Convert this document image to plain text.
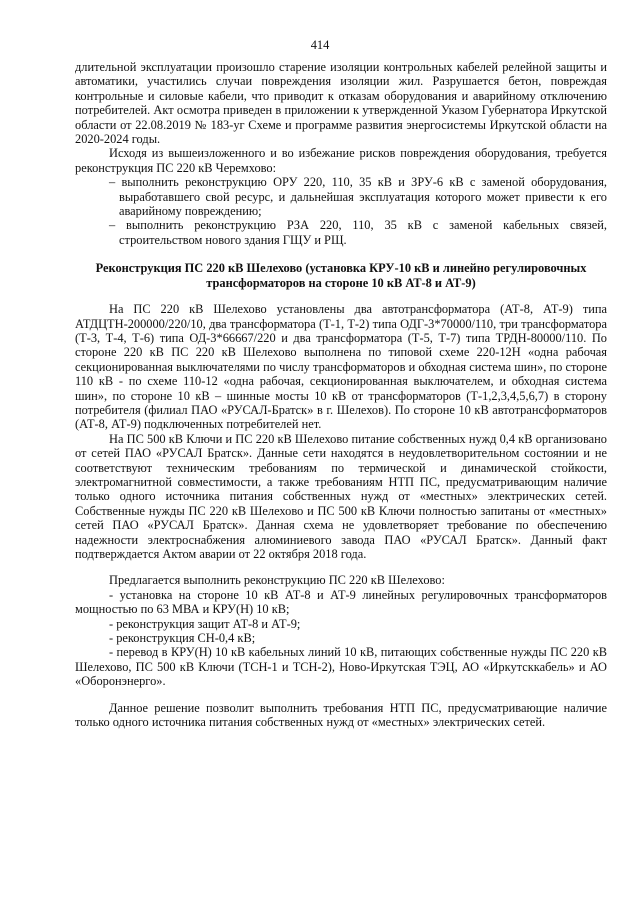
414

длительной эксплуатации произошло старение изоляции контрольных кабелей релейной защиты и автоматики, участились случаи повреждения изоляции жил. Разрушается бетон, повреждая контрольные и силовые кабели, что приводит к отказам оборудования и аварийному отключению потребителей. Акт осмотра приведен в приложении к утвержденной Указом Губернатора Иркутской области от 22.08.2019 № 183-уг Схеме и программе развития энергосистемы Иркутской области на 2020-2024 годы.

Исходя из вышеизложенного и во избежание рисков повреждения оборудования, требуется реконструкция ПС 220 кВ Черемхово:

– выполнить реконструкцию ОРУ 220, 110, 35 кВ и ЗРУ-6 кВ с заменой оборудования, выработавшего свой ресурс, и дальнейшая эксплуатация которого может привести к его аварийному повреждению;

– выполнить реконструкцию РЗА 220, 110, 35 кВ с заменой кабельных связей, строительством нового здания ГЩУ и РЩ.

Реконструкция ПС 220 кВ Шелехово (установка КРУ-10 кВ и линейно регулировочных трансформаторов на стороне 10 кВ АТ-8 и АТ-9)

На ПС 220 кВ Шелехово установлены два автотрансформатора (АТ-8, АТ-9) типа АТДЦТН-200000/220/10, два трансформатора (Т-1, Т-2) типа ОДГ-3*70000/110, три трансформатора (Т-3, Т-4, Т-6) типа ОД-3*66667/220 и два трансформатора (Т-5, Т-7) типа ТРДН-80000/110. По стороне 220 кВ ПС 220 кВ Шелехово выполнена по типовой схеме 220-12Н «одна рабочая секционированная выключателями по числу трансформаторов и обходная система шин», по стороне 110 кВ - по схеме 110-12 «одна рабочая, секционированная выключателем, и обходная система шин», по стороне 10 кВ – шинные мосты 10 кВ от трансформаторов (Т-1,2,3,4,5,6,7) в сторону потребителя (филиал ПАО «РУСАЛ-Братск» в г. Шелехов). По стороне 10 кВ автотрансформаторов (АТ-8, АТ-9) подключенных потребителей нет.

На ПС 500 кВ Ключи и ПС 220 кВ Шелехово питание собственных нужд 0,4 кВ организовано от сетей ПАО «РУСАЛ Братск». Данные сети находятся в неудовлетворительном состоянии и не соответствуют техническим требованиям по термической и динамической стойкости, электромагнитной совместимости, а также требованиям НТП ПС, предусматривающим наличие только одного источника питания собственных нужд от «местных» электрических сетей. Собственные нужды ПС 220 кВ Шелехово и ПС 500 кВ Ключи полностью запитаны от «местных» сетей ПАО «РУСАЛ Братск». Данная схема не удовлетворяет требование по обеспечению надежности электроснабжения алюминиевого завода ПАО «РУСАЛ Братск». Данный факт подтверждается Актом аварии от 22 октября 2018 года.

Предлагается выполнить реконструкцию ПС 220 кВ Шелехово:

- установка на стороне 10 кВ АТ-8 и АТ-9 линейных регулировочных трансформаторов мощностью по 63 МВА и КРУ(Н) 10 кВ;

- реконструкция защит АТ-8 и АТ-9;

- реконструкция СН-0,4 кВ;

- перевод в КРУ(Н) 10 кВ кабельных линий 10 кВ, питающих собственные нужды ПС 220 кВ Шелехово, ПС 500 кВ Ключи (ТСН-1 и ТСН-2), Ново-Иркутская ТЭЦ, АО «Иркутсккабель» и АО «Оборонэнерго».

Данное решение позволит выполнить требования НТП ПС, предусматривающие наличие только одного источника питания собственных нужд от «местных» электрических сетей.
